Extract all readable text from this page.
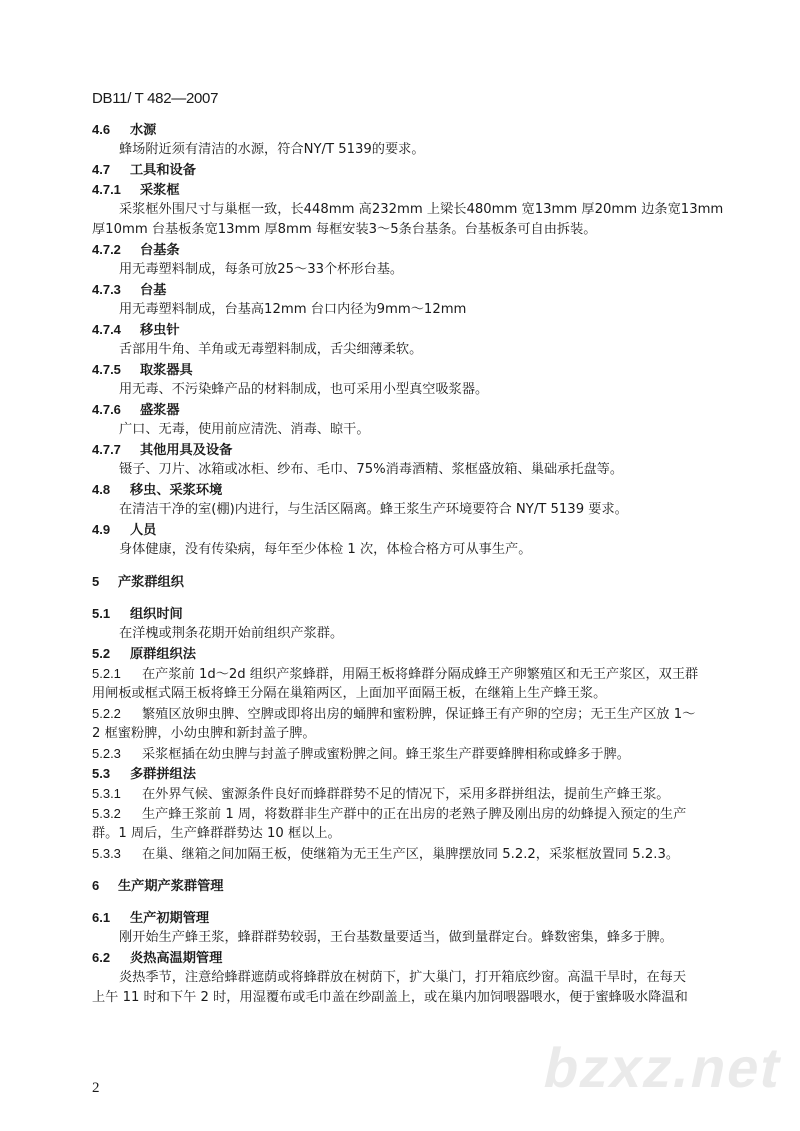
DB11/ T 482—2007
4.6 水源
蜂场附近须有清洁的水源，符合NY/T 5139的要求。
4.7 工具和设备
4.7.1 采浆框
采浆框外围尺寸与巢框一致，长448mm 高232mm 上梁长480mm 宽13mm 厚20mm 边条宽13mm
厚10mm 台基板条宽13mm 厚8mm 每框安装3～5条台基条。台基板条可自由拆装。
4.7.2 台基条
用无毒塑料制成，每条可放25～33个杯形台基。
4.7.3 台基
用无毒塑料制成，台基高12mm 台口内径为9mm～12mm
4.7.4 移虫针
舌部用牛角、羊角或无毒塑料制成，舌尖细薄柔软。
4.7.5 取浆器具
用无毒、不污染蜂产品的材料制成，也可采用小型真空吸浆器。
4.7.6 盛浆器
广口、无毒，使用前应清洗、消毒、晾干。
4.7.7 其他用具及设备
镊子、刀片、冰箱或冰柜、纱布、毛巾、75%消毒酒精、浆框盛放箱、巢础承托盘等。
4.8 移虫、采浆环境
在清洁干净的室(棚)内进行，与生活区隔离。蜂王浆生产环境要符合 NY/T 5139 要求。
4.9 人员
身体健康，没有传染病，每年至少体检 1 次，体检合格方可从事生产。
5 产浆群组织
5.1 组织时间
在洋槐或荆条花期开始前组织产浆群。
5.2 原群组织法
5.2.1 在产浆前 1d～2d 组织产浆蜂群，用隔王板将蜂群分隔成蜂王产卵繁殖区和无王产浆区，双王群
用闸板或框式隔王板将蜂王分隔在巢箱两区，上面加平面隔王板，在继箱上生产蜂王浆。
5.2.2 繁殖区放卵虫脾、空脾或即将出房的蛹脾和蜜粉脾，保证蜂王有产卵的空房；无王生产区放 1～
2 框蜜粉脾，小幼虫脾和新封盖子脾。
5.2.3 采浆框插在幼虫脾与封盖子脾或蜜粉脾之间。蜂王浆生产群要蜂脾相称或蜂多于脾。
5.3 多群拼组法
5.3.1 在外界气候、蜜源条件良好而蜂群群势不足的情况下，采用多群拼组法，提前生产蜂王浆。
5.3.2 生产蜂王浆前 1 周，将数群非生产群中的正在出房的老熟子脾及刚出房的幼蜂提入预定的生产
群。1 周后，生产蜂群群势达 10 框以上。
5.3.3 在巢、继箱之间加隔王板，使继箱为无王生产区，巢脾摆放同 5.2.2，采浆框放置同 5.2.3。
6 生产期产浆群管理
6.1 生产初期管理
刚开始生产蜂王浆，蜂群群势较弱，王台基数量要适当，做到量群定台。蜂数密集，蜂多于脾。
6.2 炎热高温期管理
炎热季节，注意给蜂群遮荫或将蜂群放在树荫下，扩大巢门，打开箱底纱窗。高温干旱时，在每天
上午 11 时和下午 2 时，用湿覆布或毛巾盖在纱副盖上，或在巢内加饲喂器喂水，便于蜜蜂吸水降温和
2	bzxz.net
